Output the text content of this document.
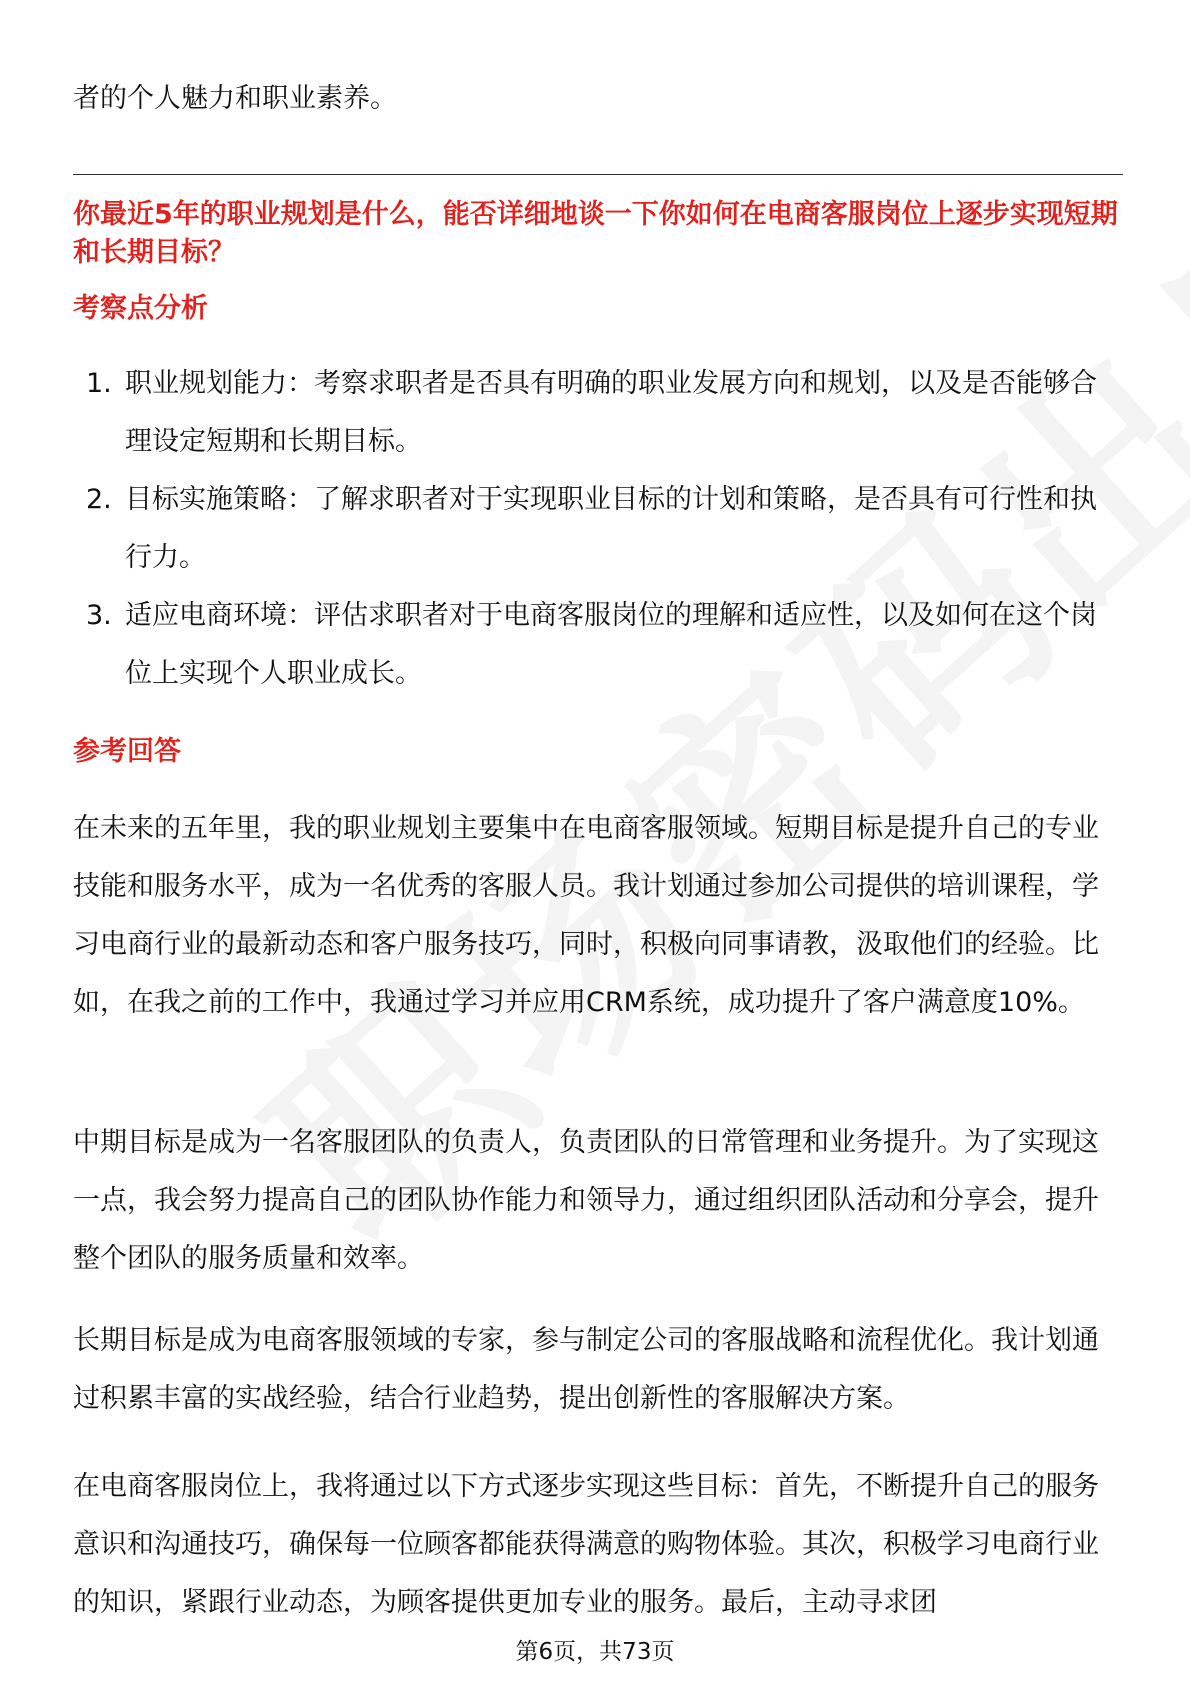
者的个人魅力和职业素养。
你最近5年的职业规划是什么，能否详细地谈一下你如何在电商客服岗位上逐步实现短期和长期目标？
考察点分析
1. 职业规划能力：考察求职者是否具有明确的职业发展方向和规划，以及是否能够合理设定短期和长期目标。
2. 目标实施策略：了解求职者对于实现职业目标的计划和策略，是否具有可行性和执行力。
3. 适应电商环境：评估求职者对于电商客服岗位的理解和适应性，以及如何在这个岗位上实现个人职业成长。
参考回答

在未来的五年里，我的职业规划主要集中在电商客服领域。短期目标是提升自己的专业技能和服务水平，成为一名优秀的客服人员。我计划通过参加公司提供的培训课程，学习电商行业的最新动态和客户服务技巧，同时，积极向同事请教，汲取他们的经验。比如，在我之前的工作中，我通过学习并应用CRM系统，成功提升了客户满意度10%。

中期目标是成为一名客服团队的负责人，负责团队的日常管理和业务提升。为了实现这一点，我会努力提高自己的团队协作能力和领导力，通过组织团队活动和分享会，提升整个团队的服务质量和效率。

长期目标是成为电商客服领域的专家，参与制定公司的客服战略和流程优化。我计划通过积累丰富的实战经验，结合行业趋势，提出创新性的客服解决方案。

在电商客服岗位上，我将通过以下方式逐步实现这些目标：首先，不断提升自己的服务意识和沟通技巧，确保每一位顾客都能获得满意的购物体验。其次，积极学习电商行业的知识，紧跟行业动态，为顾客提供更加专业的服务。最后，主动寻求团

第6页，共73页
